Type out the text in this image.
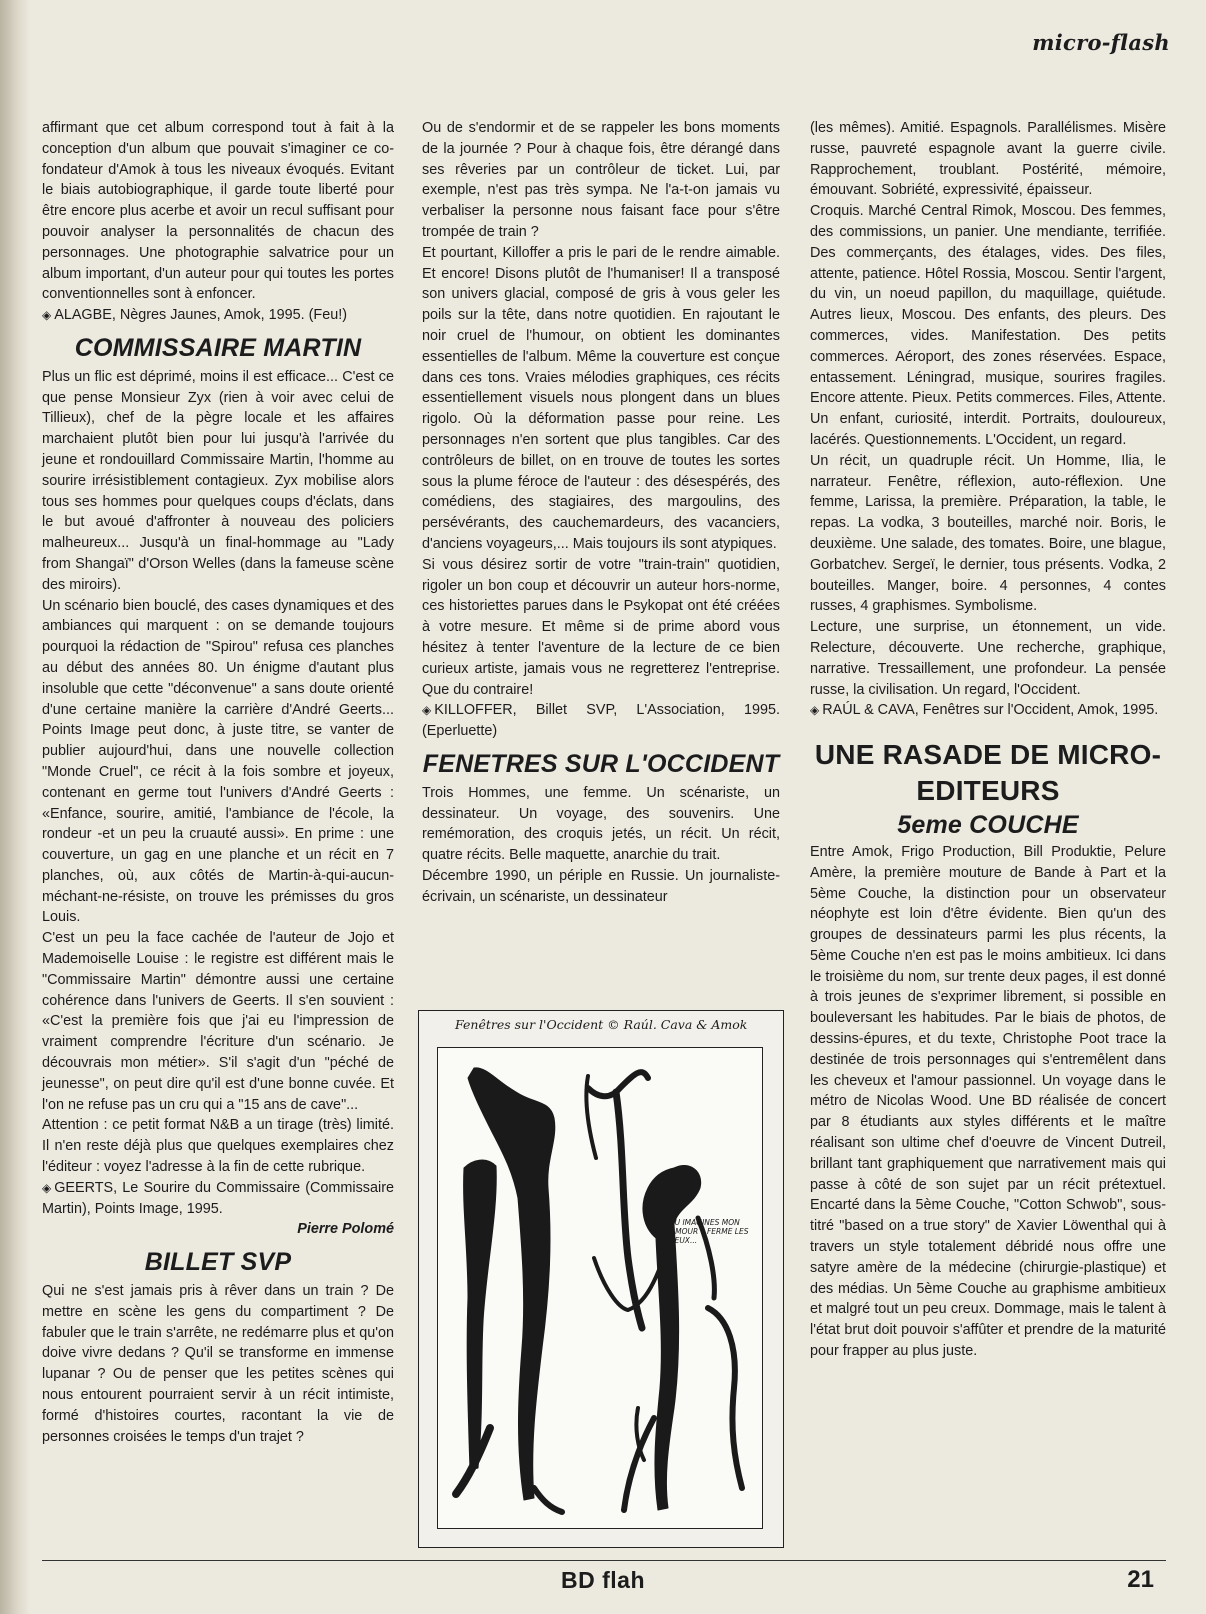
micro-flash

affirmant que cet album correspond tout à fait à la conception d'un album que pouvait s'imaginer ce co-fondateur d'Amok à tous les niveaux évoqués. Evitant le biais autobiographique, il garde toute liberté pour être encore plus acerbe et avoir un recul suffisant pour pouvoir analyser la personnalités de chacun des personnages. Une photographie salvatrice pour un album important, d'un auteur pour qui toutes les portes conventionnelles sont à enfoncer.

◈ ALAGBE, Nègres Jaunes, Amok, 1995. (Feu!)

COMMISSAIRE MARTIN

Plus un flic est déprimé, moins il est efficace... C'est ce que pense Monsieur Zyx (rien à voir avec celui de Tillieux), chef de la pègre locale et les affaires marchaient plutôt bien pour lui jusqu'à l'arrivée du jeune et rondouillard Commissaire Martin, l'homme au sourire irrésistiblement contagieux. Zyx mobilise alors tous ses hommes pour quelques coups d'éclats, dans le but avoué d'affronter à nouveau des policiers malheureux... Jusqu'à un final-hommage au "Lady from Shangaï" d'Orson Welles (dans la fameuse scène des miroirs).

Un scénario bien bouclé, des cases dynamiques et des ambiances qui marquent : on se demande toujours pourquoi la rédaction de "Spirou" refusa ces planches au début des années 80. Un énigme d'autant plus insoluble que cette "déconvenue" a sans doute orienté d'une certaine manière la carrière d'André Geerts... Points Image peut donc, à juste titre, se vanter de publier aujourd'hui, dans une nouvelle collection "Monde Cruel", ce récit à la fois sombre et joyeux, contenant en germe tout l'univers d'André Geerts : «Enfance, sourire, amitié, l'ambiance de l'école, la rondeur -et un peu la cruauté aussi». En prime : une couverture, un gag en une planche et un récit en 7 planches, où, aux côtés de Martin-à-qui-aucun-méchant-ne-résiste, on trouve les prémisses du gros Louis.

C'est un peu la face cachée de l'auteur de Jojo et Mademoiselle Louise : le registre est différent mais le "Commissaire Martin" démontre aussi une certaine cohérence dans l'univers de Geerts. Il s'en souvient : «C'est la première fois que j'ai eu l'impression de vraiment comprendre l'écriture d'un scénario. Je découvrais mon métier». S'il s'agit d'un "péché de jeunesse", on peut dire qu'il est d'une bonne cuvée. Et l'on ne refuse pas un cru qui a "15 ans de cave"...

Attention : ce petit format N&B a un tirage (très) limité. Il n'en reste déjà plus que quelques exemplaires chez l'éditeur : voyez l'adresse à la fin de cette rubrique.

◈ GEERTS, Le Sourire du Commissaire (Commissaire Martin), Points Image, 1995.

Pierre Polomé

BILLET SVP

Qui ne s'est jamais pris à rêver dans un train ? De mettre en scène les gens du compartiment ? De fabuler que le train s'arrête, ne redémarre plus et qu'on doive vivre dedans ? Qu'il se transforme en immense lupanar ? Ou de penser que les petites scènes qui nous entourent pourraient servir à un récit intimiste, formé d'histoires courtes, racontant la vie de personnes croisées le temps d'un trajet ?

Ou de s'endormir et de se rappeler les bons moments de la journée ? Pour à chaque fois, être dérangé dans ses rêveries par un contrôleur de ticket. Lui, par exemple, n'est pas très sympa. Ne l'a-t-on jamais vu verbaliser la personne nous faisant face pour s'être trompée de train ?

Et pourtant, Killoffer a pris le pari de le rendre aimable. Et encore! Disons plutôt de l'humaniser! Il a transposé son univers glacial, composé de gris à vous geler les poils sur la tête, dans notre quotidien. En rajoutant le noir cruel de l'humour, on obtient les dominantes essentielles de l'album. Même la couverture est conçue dans ces tons. Vraies mélodies graphiques, ces récits essentiellement visuels nous plongent dans un blues rigolo. Où la déformation passe pour reine. Les personnages n'en sortent que plus tangibles. Car des contrôleurs de billet, on en trouve de toutes les sortes sous la plume féroce de l'auteur : des désespérés, des comédiens, des stagiaires, des margoulins, des persévérants, des cauchemardeurs, des vacanciers, d'anciens voyageurs,... Mais toujours ils sont atypiques.

Si vous désirez sortir de votre "train-train" quotidien, rigoler un bon coup et découvrir un auteur hors-norme, ces historiettes parues dans le Psykopat ont été créées à votre mesure. Et même si de prime abord vous hésitez à tenter l'aventure de la lecture de ce bien curieux artiste, jamais vous ne regretterez l'entreprise. Que du contraire!

◈ KILLOFFER, Billet SVP, L'Association, 1995. (Eperluette)

FENETRES SUR L'OCCIDENT

Trois Hommes, une femme. Un scénariste, un dessinateur. Un voyage, des souvenirs. Une remémoration, des croquis jetés, un récit. Un récit, quatre récits. Belle maquette, anarchie du trait.

Décembre 1990, un périple en Russie. Un journaliste-écrivain, un scénariste, un dessinateur

Fenêtres sur l'Occident © Raúl. Cava & Amok
TU IMAGINES MON AMOUR ? FERME LES YEUX...

(les mêmes). Amitié. Espagnols. Parallélismes. Misère russe, pauvreté espagnole avant la guerre civile. Rapprochement, troublant. Postérité, mémoire, émouvant. Sobriété, expressivité, épaisseur.

Croquis. Marché Central Rimok, Moscou. Des femmes, des commissions, un panier. Une mendiante, terrifiée. Des commerçants, des étalages, vides. Des files, attente, patience. Hôtel Rossia, Moscou. Sentir l'argent, du vin, un noeud papillon, du maquillage, quiétude. Autres lieux, Moscou. Des enfants, des pleurs. Des commerces, vides. Manifestation. Des petits commerces. Aéroport, des zones réservées. Espace, entassement. Léningrad, musique, sourires fragiles. Encore attente. Pieux. Petits commerces. Files, Attente. Un enfant, curiosité, interdit. Portraits, douloureux, lacérés. Questionnements. L'Occident, un regard.

Un récit, un quadruple récit. Un Homme, Ilia, le narrateur. Fenêtre, réflexion, auto-réflexion. Une femme, Larissa, la première. Préparation, la table, le repas. La vodka, 3 bouteilles, marché noir. Boris, le deuxième. Une salade, des tomates. Boire, une blague, Gorbatchev. Sergeï, le dernier, tous présents. Vodka, 2 bouteilles. Manger, boire. 4 personnes, 4 contes russes, 4 graphismes. Symbolisme.

Lecture, une surprise, un étonnement, un vide. Relecture, découverte. Une recherche, graphique, narrative. Tressaillement, une profondeur. La pensée russe, la civilisation. Un regard, l'Occident.

◈ RAÚL & CAVA, Fenêtres sur l'Occident, Amok, 1995.

UNE RASADE DE MICRO-EDITEURS
5eme COUCHE

Entre Amok, Frigo Production, Bill Produktie, Pelure Amère, la première mouture de Bande à Part et la 5ème Couche, la distinction pour un observateur néophyte est loin d'être évidente. Bien qu'un des groupes de dessinateurs parmi les plus récents, la 5ème Couche n'en est pas le moins ambitieux. Ici dans le troisième du nom, sur trente deux pages, il est donné à trois jeunes de s'exprimer librement, si possible en bouleversant les habitudes. Par le biais de photos, de dessins-épures, et du texte, Christophe Poot trace la destinée de trois personnages qui s'entremêlent dans les cheveux et l'amour passionnel. Un voyage dans le métro de Nicolas Wood. Une BD réalisée de concert par 8 étudiants aux styles différents et le maître réalisant son ultime chef d'oeuvre de Vincent Dutreil, brillant tant graphiquement que narrativement mais qui passe à côté de son sujet par un récit prétextuel. Encarté dans la 5ème Couche, "Cotton Schwob", sous-titré "based on a true story" de Xavier Löwenthal qui à travers un style totalement débridé nous offre une satyre amère de la médecine (chirurgie-plastique) et des médias. Un 5ème Couche au graphisme ambitieux et malgré tout un peu creux. Dommage, mais le talent à l'état brut doit pouvoir s'affûter et prendre de la maturité pour frapper au plus juste.

BD flah	21
